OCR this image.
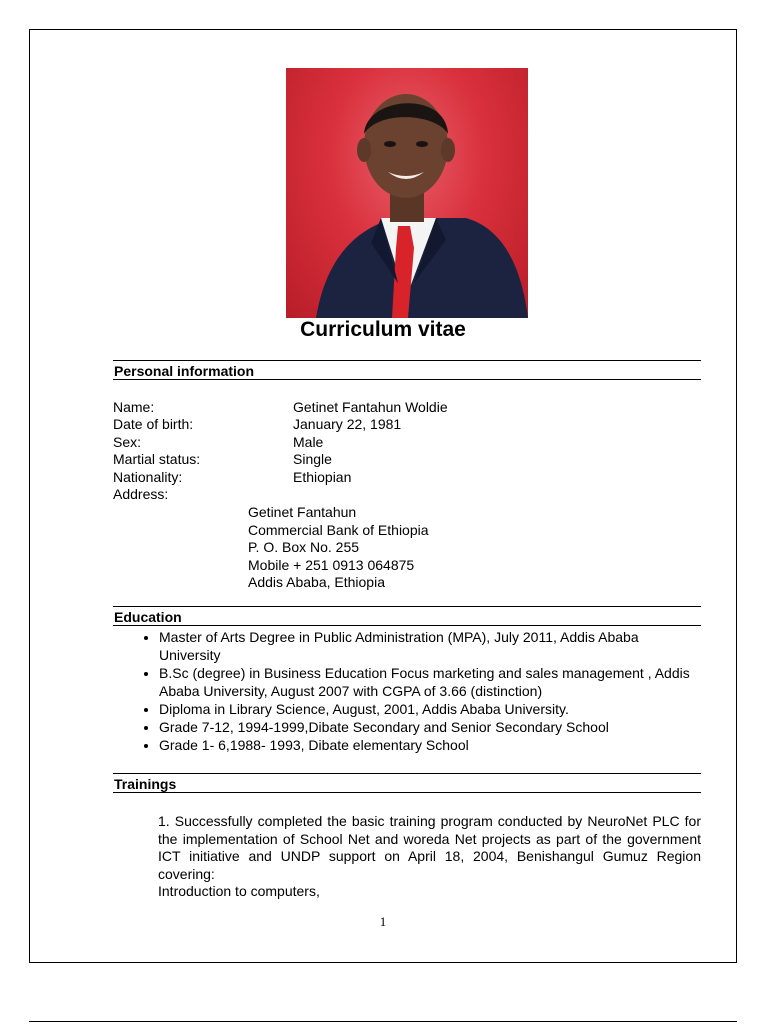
Curriculum vitae
Personal information
Name:	Getinet Fantahun Woldie
Date of birth:	January 22, 1981
Sex:	Male
Martial status:	Single
Nationality:	Ethiopian
Address:
Getinet Fantahun
Commercial Bank of Ethiopia
P. O. Box No. 255
Mobile + 251 0913 064875
Addis Ababa, Ethiopia
Education
• Master of Arts Degree in Public Administration (MPA), July 2011, Addis Ababa University
• B.Sc (degree) in Business Education Focus marketing and sales management , Addis Ababa University, August 2007 with CGPA of 3.66 (distinction)
• Diploma in Library Science, August, 2001, Addis Ababa University.
• Grade 7-12, 1994-1999,Dibate Secondary and Senior Secondary School
• Grade 1- 6,1988- 1993, Dibate elementary School
Trainings
1. Successfully completed the basic training program conducted by NeuroNet PLC for the implementation of School Net and woreda Net projects as part of the government ICT initiative and UNDP support on April 18, 2004, Benishangul Gumuz Region covering:
Introduction to computers,
1
